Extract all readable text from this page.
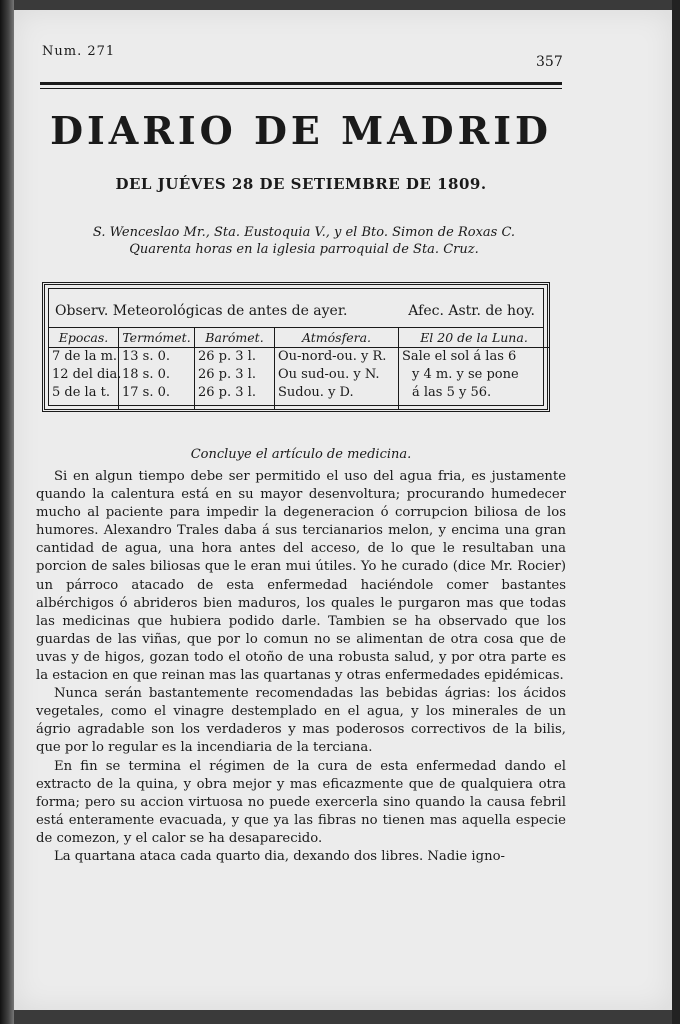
Num. 271
357
DIARIO DE MADRID
DEL JUÉVES 28 DE SETIEMBRE DE 1809.
S. Wenceslao Mr., Sta. Eustoquia V., y el Bto. Simon de Roxas C.
Quarenta horas en la iglesia parroquial de Sta. Cruz.
Observ. Meteorológicas de antes de ayer.	Afec. Astr. de hoy.
Epocas.
7 de la m.
12 del dia.
5 de la t.
Termómet.
13 s. 0.
18 s. 0.
17 s. 0.
Barómet.
26 p. 3 l.
26 p. 3 l.
26 p. 3 l.
Atmósfera.
Ou-nord-ou. y R.
Ou sud-ou. y N.
Sudou. y D.
El 20 de la Luna.
Sale el sol á las 6
y 4 m. y se pone
á las 5 y 56.
Concluye el artículo de medicina.

Si en algun tiempo debe ser permitido el uso del agua fria, es justamente quando la calentura está en su mayor desenvoltura; procurando humedecer mucho al paciente para impedir la degeneracion ó corrupcion biliosa de los humores. Alexandro Trales daba á sus tercianarios melon, y encima una gran cantidad de agua, una hora antes del acceso, de lo que le resultaban una porcion de sales biliosas que le eran mui útiles. Yo he curado (dice Mr. Rocier) un párroco atacado de esta enfermedad haciéndole comer bastantes albérchigos ó abrideros bien maduros, los quales le purgaron mas que todas las medicinas que hubiera podido darle. Tambien se ha observado que los guardas de las viñas, que por lo comun no se alimentan de otra cosa que de uvas y de higos, gozan todo el otoño de una robusta salud, y por otra parte es la estacion en que reinan mas las quartanas y otras enfermedades epidémicas.

Nunca serán bastantemente recomendadas las bebidas ágrias: los ácidos vegetales, como el vinagre destemplado en el agua, y los minerales de un ágrio agradable son los verdaderos y mas poderosos correctivos de la bilis, que por lo regular es la incendiaria de la terciana.

En fin se termina el régimen de la cura de esta enfermedad dando el extracto de la quina, y obra mejor y mas eficazmente que de qualquiera otra forma; pero su accion virtuosa no puede exercerla sino quando la causa febril está enteramente evacuada, y que ya las fibras no tienen mas aquella especie de comezon, y el calor se ha desaparecido.

La quartana ataca cada quarto dia, dexando dos libres. Nadie igno-
